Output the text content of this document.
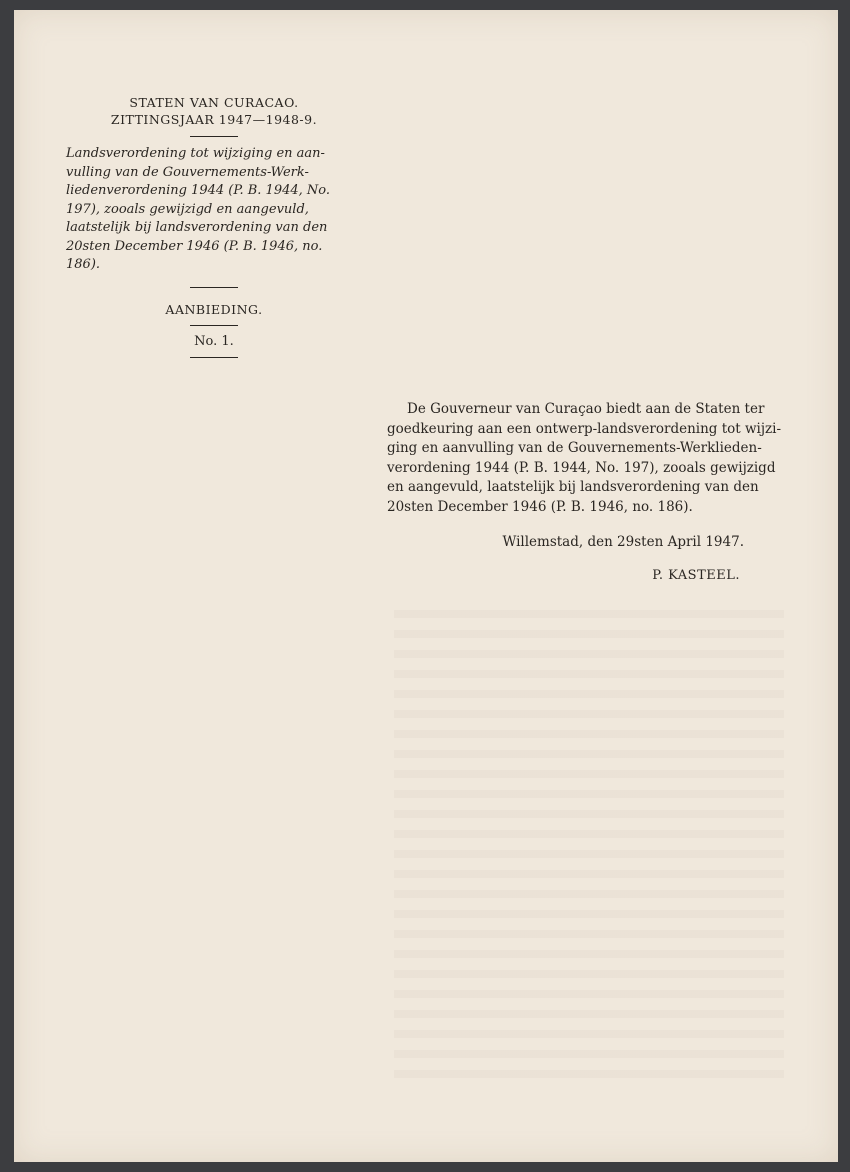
STATEN VAN CURACAO.
ZITTINGSJAAR 1947—1948-9.
Landsverordening tot wijziging en aan-
vulling van de Gouvernements-Werk-
liedenverordening 1944 (P. B. 1944, No.
197), zooals gewijzigd en aangevuld,
laatstelijk bij landsverordening van den
20sten December 1946 (P. B. 1946, no.
186).
AANBIEDING.
No. 1.
De Gouverneur van Curaçao biedt aan de Staten ter
goedkeuring aan een ontwerp-landsverordening tot wijzi-
ging en aanvulling van de Gouvernements-Werklieden-
verordening 1944 (P. B. 1944, No. 197), zooals gewijzigd
en aangevuld, laatstelijk bij landsverordening van den
20sten December 1946 (P. B. 1946, no. 186).
Willemstad, den 29sten April 1947.
P. KASTEEL.
